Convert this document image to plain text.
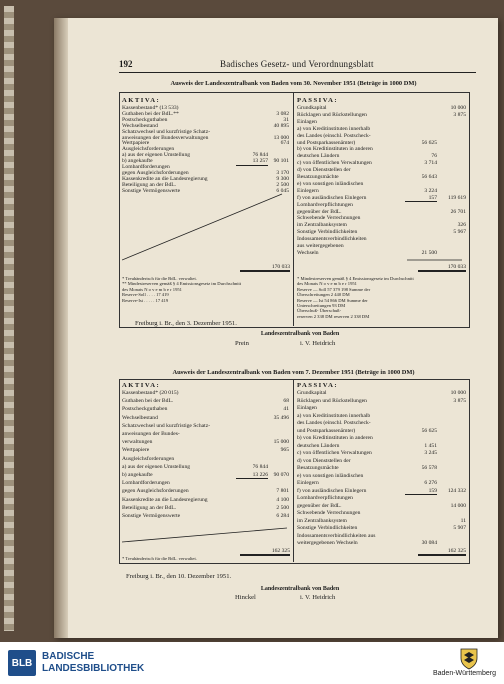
192	Badisches Gesetz- und Verordnungsblatt
Ausweis der Landeszentralbank von Baden vom 30. November 1951 (Beträge in 1000 DM)
AKTIVA:	PASSIVA:
170 033	170 033
Freiburg i. Br., den 3. Dezember 1951.
Landeszentralbank von Baden
Prein	i. V. Heidrich
Ausweis der Landeszentralbank von Baden vom 7. Dezember 1951 (Beträge in 1000 DM)
AKTIVA:	PASSIVA:
162 325	162 325
Freiburg i. Br., den 10. Dezember 1951.
Landeszentralbank von Baden
Hinckel	i. V. Heidrich
BLB
BADISCHE
LANDESBIBLIOTHEK	Baden-Württemberg
Kassenbestand* (13 533)
Guthaben bei der BdL.**	3 082
Postscheckguthaben	31
Wechselbestand	40 895
Schatzwechsel und kurzfristige Schatz-
anweisungen der Bundesverwaltungen	13 000
Wertpapiere	674
Ausgleichsforderungen
a) aus der eigenen Umstellung	76 844
b) angekaufte	13 257	90 101
Lombardforderungen
gegen Ausgleichsforderungen	3 170
Kassenkredite an die Landesregierung	9 300
Beteiligung an der BdL.	2 500
Sonstige Vermögenswerte	6 045
Grundkapital	10 000
Rücklagen und Rückstellungen	3 875
Einlagen
a) von Kreditinstituten innerhalb
des Landes (einschl. Postscheck-
und Postsparkassenämter)	56 625
b) von Kreditinstituten in anderen
deutschen Ländern	76
c) von öffentlichen Verwaltungen	3 714
d) von Dienststellen der
Besatzungsmächte	56 643
e) von sonstigen inländischen
Einlegern	3 224
f) von ausländischen Einlegern	157	119 619
Lombardverpflichtungen
gegenüber der BdL.	26 701
Schwebende Verrechnungen
im Zentralbanksystem	326
Sonstige Verbindlichkeiten	5 967
Indossamentsverbindlichkeiten
aus weitergegebenen
Wechseln	21 500
* Treuhänderisch für die BdL. verwaltet.
** Mindestreserven gemäß § 4 Emissionsgesetz im Durchschnitt
des Monats N o v e m b e r 1951
Reserve-Soll . . . . 17 419
Reserve-Ist . . . . . 17 419
* Mindestreserven gemäß § 4 Emissionsgesetz im Durchschnitt
des Monats N o v e m b e r 1951
Reserve — Soll 57 379 198 Summe der
Überschreitungen 2 440 DM
Reserve — Ist 54 866 DM Summe der
Unterschreitungen 93 DM
Überschuß- Überschuß-
reserven 2 338 DM reserven 2 338 DM
Kassenbestand* (20 015)
Guthaben bei der BdL.	68
Postscheckguthaben	41
Wechselbestand	35 496
Schatzwechsel und kurzfristige Schatz-
anweisungen der Bundes-
verwaltungen	15 000
Wertpapiere	965
Ausgleichsforderungen
a) aus der eigenen Umstellung	76 844
b) angekaufte	13 226	90 070
Lombardforderungen
gegen Ausgleichsforderungen	7 801
Kassenkredite an die Landesregierung	4 100
Beteiligung an der BdL.	2 500
Sonstige Vermögenswerte	6 284
Grundkapital	10 000
Rücklagen und Rückstellungen	3 875
Einlagen
a) von Kreditinstituten innerhalb
des Landes (einschl. Postscheck-
und Postsparkassenämter)	56 625
b) von Kreditinstituten in anderen
deutschen Ländern	1 451
c) von öffentlichen Verwaltungen	3 245
d) von Dienststellen der
Besatzungsmächte	56 578
e) von sonstigen inländischen
Einlegern	6 276
f) von ausländischen Einlegern	159	124 332
Lombardverpflichtungen
gegenüber der BdL.	14 000
Schwebende Verrechnungen
im Zentralbanksystem	11
Sonstige Verbindlichkeiten	5 907
Indossamentsverbindlichkeiten aus
weitergegebenen Wechseln	30 084
* Treuhänderisch für die BdL. verwaltet.
